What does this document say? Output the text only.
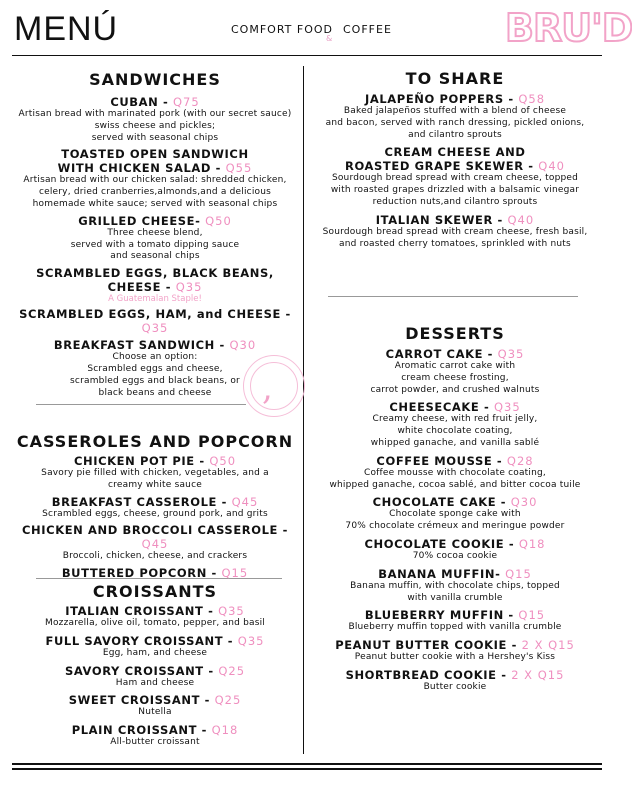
MENÚ	COMFORT FOOD
&
COFFEE	BRU'D
,
SANDWICHES
CUBAN - Q75
Artisan bread with marinated pork (with our secret sauce)
swiss cheese and pickles;
served with seasonal chips
TOASTED OPEN SANDWICH
WITH CHICKEN SALAD - Q55
Artisan bread with our chicken salad: shredded chicken,
celery, dried cranberries,almonds,and a delicious
homemade white sauce; served with seasonal chips
GRILLED CHEESE- Q50
Three cheese blend,
served with a tomato dipping sauce
and seasonal chips
SCRAMBLED EGGS, BLACK BEANS, CHEESE - Q35
A Guatemalan Staple!
SCRAMBLED EGGS, HAM, and CHEESE - Q35
BREAKFAST SANDWICH - Q30
Choose an option:
Scrambled eggs and cheese,
scrambled eggs and black beans, or
black beans and cheese
CASSEROLES AND POPCORN
CHICKEN POT PIE - Q50
Savory pie filled with chicken, vegetables, and a
creamy white sauce
BREAKFAST CASSEROLE - Q45
Scrambled eggs, cheese, ground pork, and grits
CHICKEN AND BROCCOLI CASSEROLE - Q45
Broccoli, chicken, cheese, and crackers
BUTTERED POPCORN - Q15
CROISSANTS
ITALIAN CROISSANT - Q35
Mozzarella, olive oil, tomato, pepper, and basil
FULL SAVORY CROISSANT - Q35
Egg, ham, and cheese
SAVORY CROISSANT - Q25
Ham and cheese
SWEET CROISSANT - Q25
Nutella
PLAIN CROISSANT - Q18
All-butter croissant
TO SHARE
JALAPEÑO POPPERS - Q58
Baked jalapeños stuffed with a blend of cheese
and bacon, served with ranch dressing, pickled onions,
and cilantro sprouts
CREAM CHEESE AND
ROASTED GRAPE SKEWER - Q40
Sourdough bread spread with cream cheese, topped
with roasted grapes drizzled with a balsamic vinegar
reduction nuts,and cilantro sprouts
ITALIAN SKEWER - Q40
Sourdough bread spread with cream cheese, fresh basil,
and roasted cherry tomatoes, sprinkled with nuts
DESSERTS
CARROT CAKE - Q35
Aromatic carrot cake with
cream cheese frosting,
carrot powder, and crushed walnuts
CHEESECAKE - Q35
Creamy cheese, with red fruit jelly,
white chocolate coating,
whipped ganache, and vanilla sablé
COFFEE MOUSSE - Q28
Coffee mousse with chocolate coating,
whipped ganache, cocoa sablé, and bitter cocoa tuile
CHOCOLATE CAKE - Q30
Chocolate sponge cake with
70% chocolate crémeux and meringue powder
CHOCOLATE COOKIE - Q18
70% cocoa cookie
BANANA MUFFIN- Q15
Banana muffin, with chocolate chips, topped
with vanilla crumble
BLUEBERRY MUFFIN - Q15
Blueberry muffin topped with vanilla crumble
PEANUT BUTTER COOKIE - 2 X Q15
Peanut butter cookie with a Hershey's Kiss
SHORTBREAD COOKIE - 2 X Q15
Butter cookie
